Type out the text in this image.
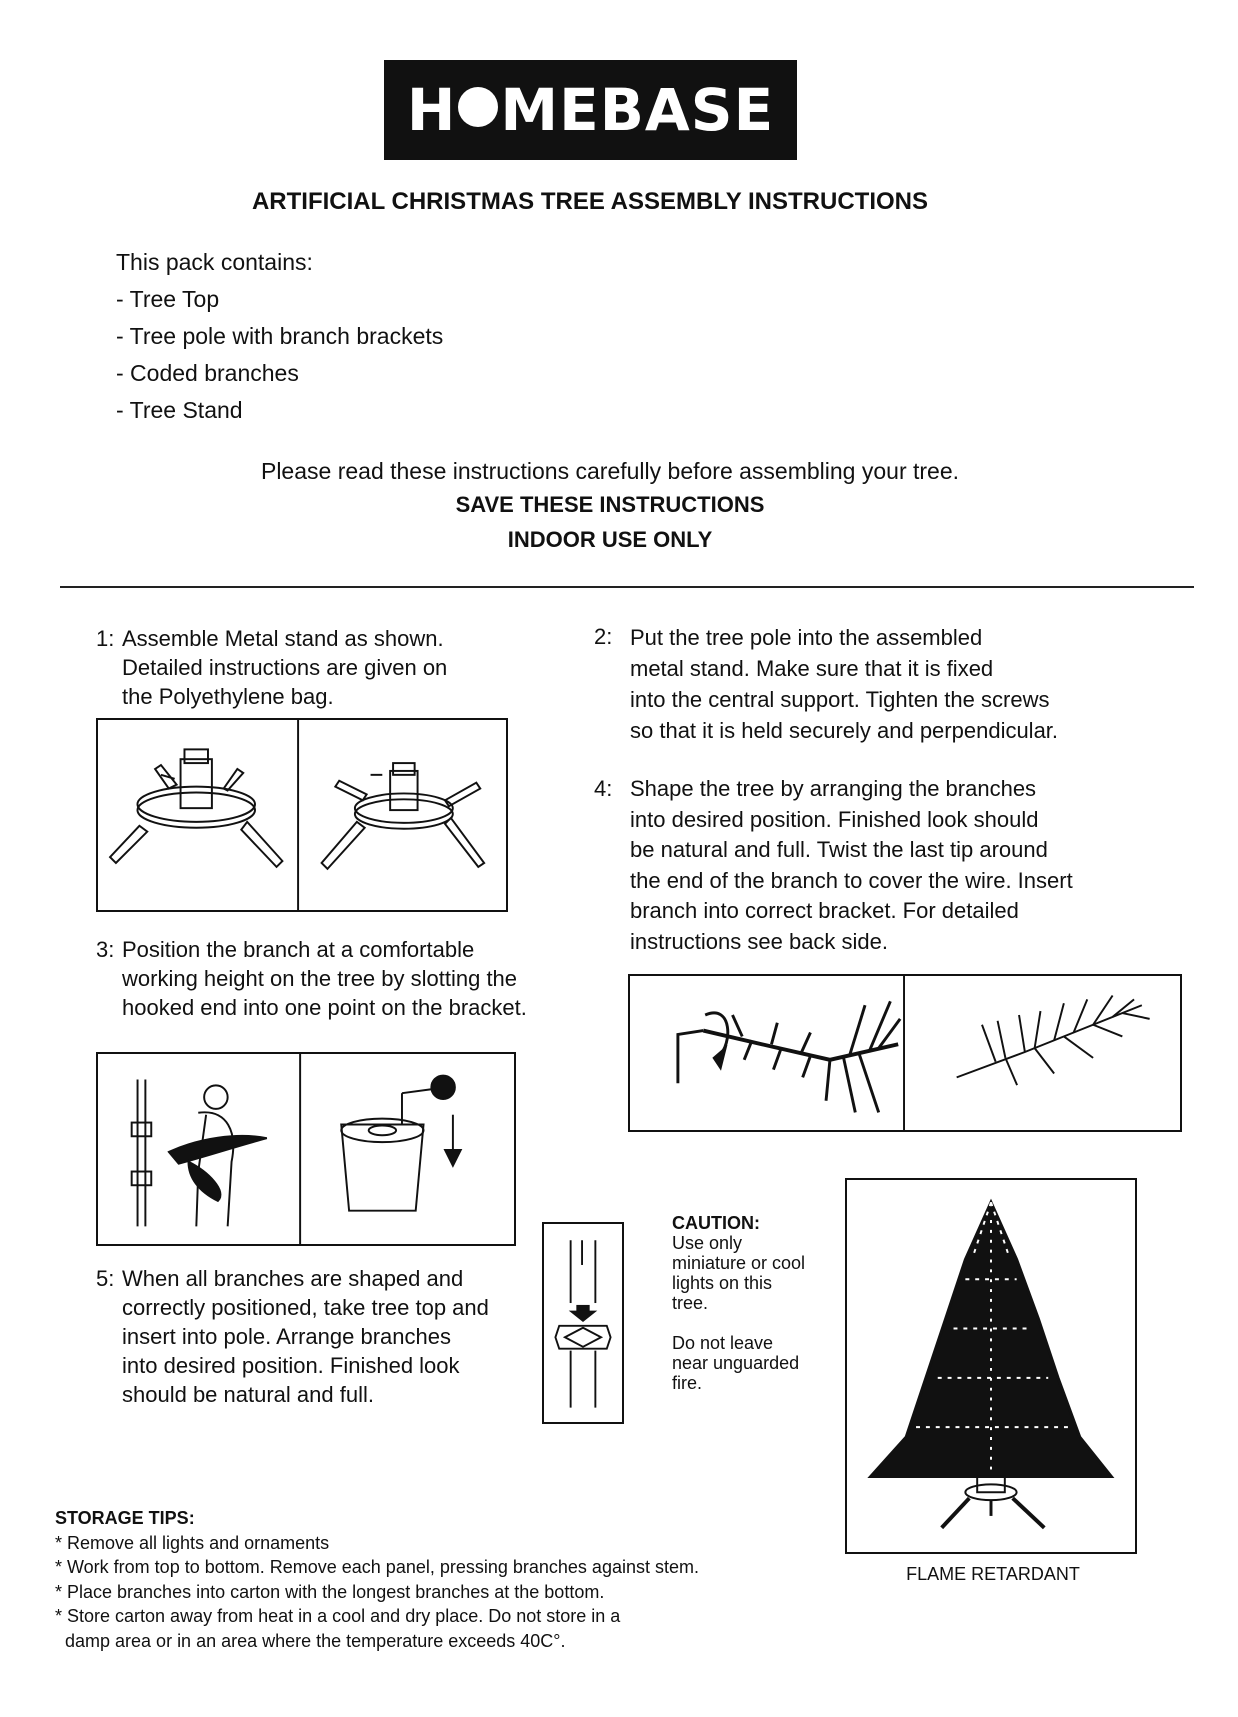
H MEBASE
ARTIFICIAL CHRISTMAS TREE ASSEMBLY INSTRUCTIONS
This pack contains:
- Tree Top
- Tree pole with branch brackets
- Coded branches
- Tree Stand
Please read these instructions carefully before assembling your tree.
SAVE THESE INSTRUCTIONS
INDOOR USE ONLY
1: Assemble Metal stand as shown.
Detailed instructions are given on
the Polyethylene bag.
2: Put the tree pole into the assembled
metal stand. Make sure that it is fixed
into the central support. Tighten the screws
so that it is held securely and perpendicular.
4: Shape the tree by arranging the branches
into desired position. Finished look should
be natural and full. Twist the last tip around
the end of the branch to cover the wire. Insert
branch into correct bracket. For detailed
instructions see back side.
3: Position the branch at a comfortable
working height on the tree by slotting the
hooked end into one point on the bracket.
5: When all branches are shaped and
correctly positioned, take tree top and
insert into pole. Arrange branches
into desired position. Finished look
should be natural and full.
CAUTION:
Use only
miniature or cool
lights on this
tree.
Do not leave
near unguarded
fire.
FLAME RETARDANT
STORAGE TIPS:
* Remove all lights and ornaments
* Work from top to bottom. Remove each panel, pressing branches against stem.
* Place branches into carton with the longest branches at the bottom.
* Store carton away from heat in a cool and dry place. Do not store in a
damp area or in an area where the temperature exceeds 40C°.
